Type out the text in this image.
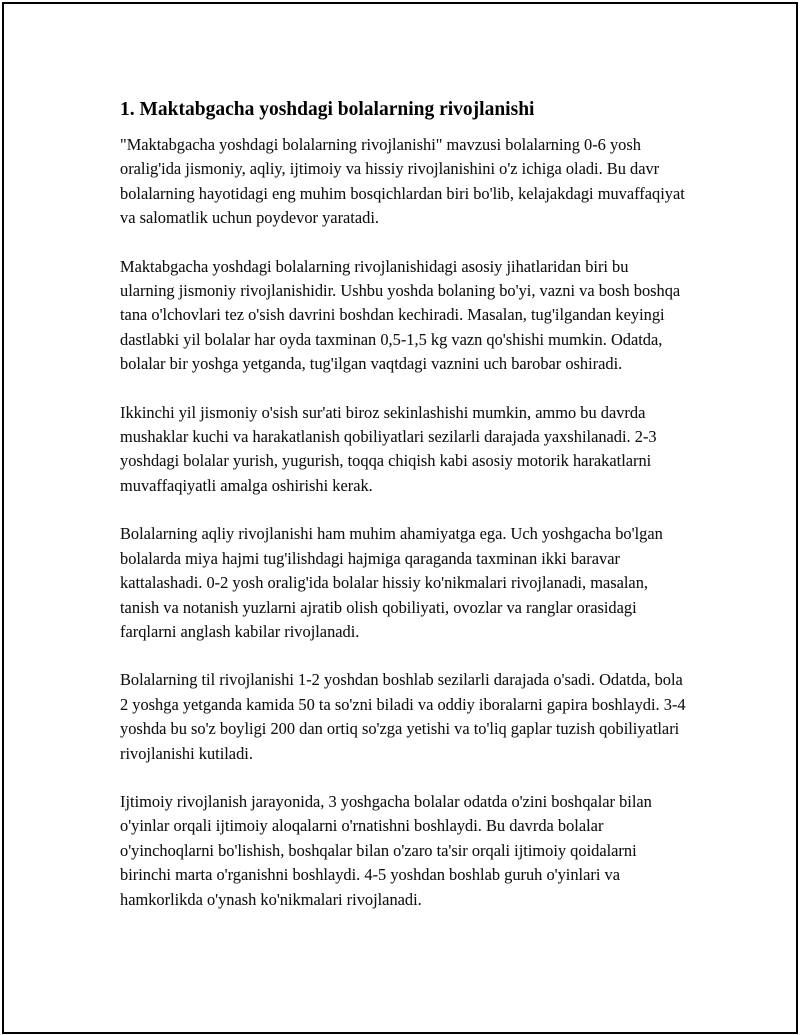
1. Maktabgacha yoshdagi bolalarning rivojlanishi

"Maktabgacha yoshdagi bolalarning rivojlanishi" mavzusi bolalarning 0-6 yosh oralig'ida jismoniy, aqliy, ijtimoiy va hissiy rivojlanishini o'z ichiga oladi. Bu davr bolalarning hayotidagi eng muhim bosqichlardan biri bo'lib, kelajakdagi muvaffaqiyat va salomatlik uchun poydevor yaratadi.

Maktabgacha yoshdagi bolalarning rivojlanishidagi asosiy jihatlaridan biri bu ularning jismoniy rivojlanishidir. Ushbu yoshda bolaning bo'yi, vazni va bosh boshqa tana o'lchovlari tez o'sish davrini boshdan kechiradi. Masalan, tug'ilgandan keyingi dastlabki yil bolalar har oyda taxminan 0,5-1,5 kg vazn qo'shishi mumkin. Odatda, bolalar bir yoshga yetganda, tug'ilgan vaqtdagi vaznini uch barobar oshiradi.

Ikkinchi yil jismoniy o'sish sur'ati biroz sekinlashishi mumkin, ammo bu davrda mushaklar kuchi va harakatlanish qobiliyatlari sezilarli darajada yaxshilanadi. 2-3 yoshdagi bolalar yurish, yugurish, toqqa chiqish kabi asosiy motorik harakatlarni muvaffaqiyatli amalga oshirishi kerak.

Bolalarning aqliy rivojlanishi ham muhim ahamiyatga ega. Uch yoshgacha bo'lgan bolalarda miya hajmi tug'ilishdagi hajmiga qaraganda taxminan ikki baravar kattalashadi. 0-2 yosh oralig'ida bolalar hissiy ko'nikmalari rivojlanadi, masalan, tanish va notanish yuzlarni ajratib olish qobiliyati, ovozlar va ranglar orasidagi farqlarni anglash kabilar rivojlanadi.

Bolalarning til rivojlanishi 1-2 yoshdan boshlab sezilarli darajada o'sadi. Odatda, bola 2 yoshga yetganda kamida 50 ta so'zni biladi va oddiy iboralarni gapira boshlaydi. 3-4 yoshda bu so'z boyligi 200 dan ortiq so'zga yetishi va to'liq gaplar tuzish qobiliyatlari rivojlanishi kutiladi.

Ijtimoiy rivojlanish jarayonida, 3 yoshgacha bolalar odatda o'zini boshqalar bilan o'yinlar orqali ijtimoiy aloqalarni o'rnatishni boshlaydi. Bu davrda bolalar o'yinchoqlarni bo'lishish, boshqalar bilan o'zaro ta'sir orqali ijtimoiy qoidalarni birinchi marta o'rganishni boshlaydi. 4-5 yoshdan boshlab guruh o'yinlari va hamkorlikda o'ynash ko'nikmalari rivojlanadi.
